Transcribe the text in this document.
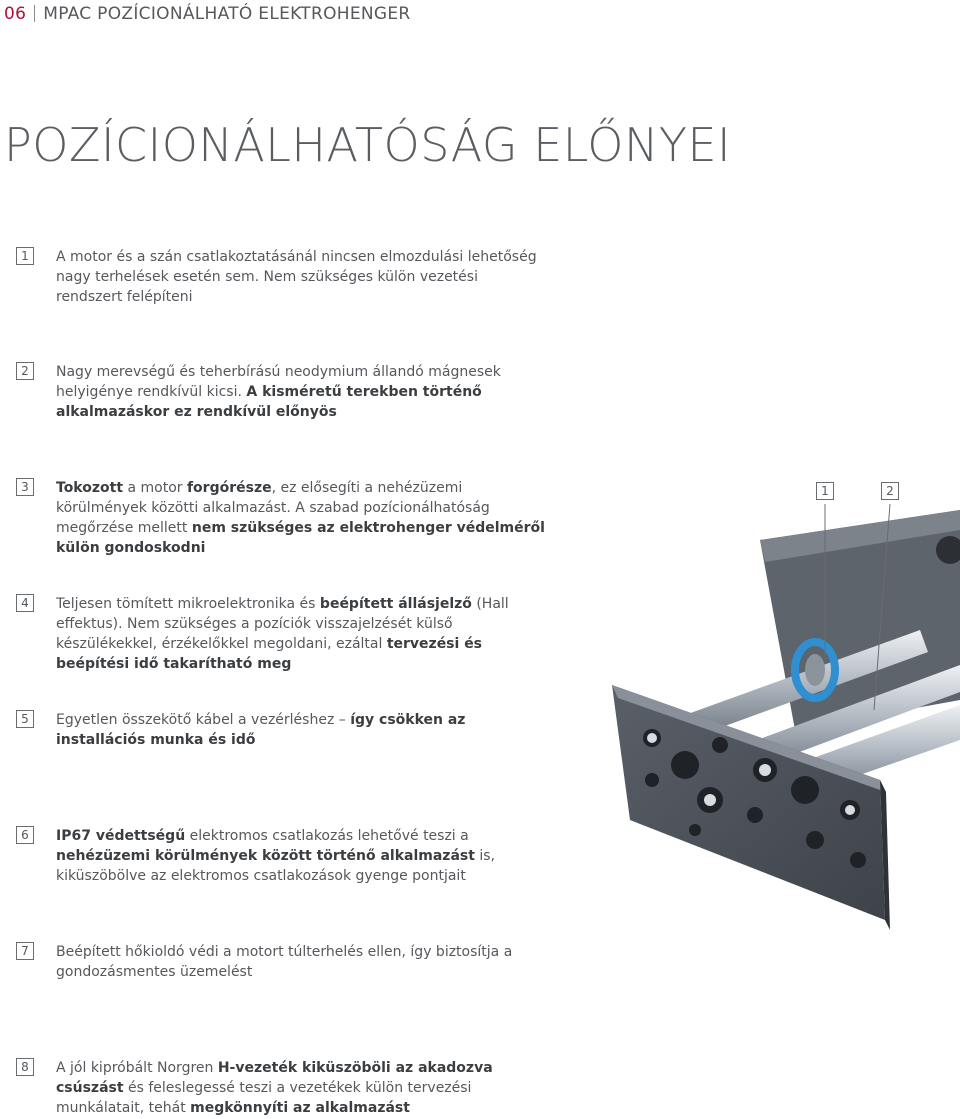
06 MPAC POZÍCIONÁLHATÓ ELEKTROHENGER
POZÍCIONÁLHATÓSÁG ELŐNYEI
1	A motor és a szán csatlakoztatásánál nincsen elmozdulási lehetőség nagy terhelések esetén sem. Nem szükséges külön vezetési rendszert felépíteni
2	Nagy merevségű és teherbírású neodymium állandó mágnesek helyigénye rendkívül kicsi. A kisméretű terekben történő alkalmazáskor ez rendkívül előnyös
3	Tokozott a motor forgórésze, ez elősegíti a nehézüzemi körülmények közötti alkalmazást. A szabad pozícionálhatóság megőrzése mellett nem szükséges az elektrohenger védelméről külön gondoskodni
4	Teljesen tömített mikroelektronika és beépített állásjelző (Hall effektus). Nem szükséges a pozíciók visszajelzését külső készülékekkel, érzékelőkkel megoldani, ezáltal tervezési és beépítési idő takarítható meg
5	Egyetlen összekötő kábel a vezérléshez – így csökken az installációs munka és idő
6	IP67 védettségű elektromos csatlakozás lehetővé teszi a nehézüzemi körülmények között történő alkalmazást is, kiküszöbölve az elektromos csatlakozások gyenge pontjait
7	Beépített hőkioldó védi a motort túlterhelés ellen, így biztosítja a gondozásmentes üzemelést
8	A jól kipróbált Norgren H-vezeték kiküszöböli az akadozva csúszást és feleslegessé teszi a vezetékek külön tervezési munkálatait, tehát megkönnyíti az alkalmazást
1	2
